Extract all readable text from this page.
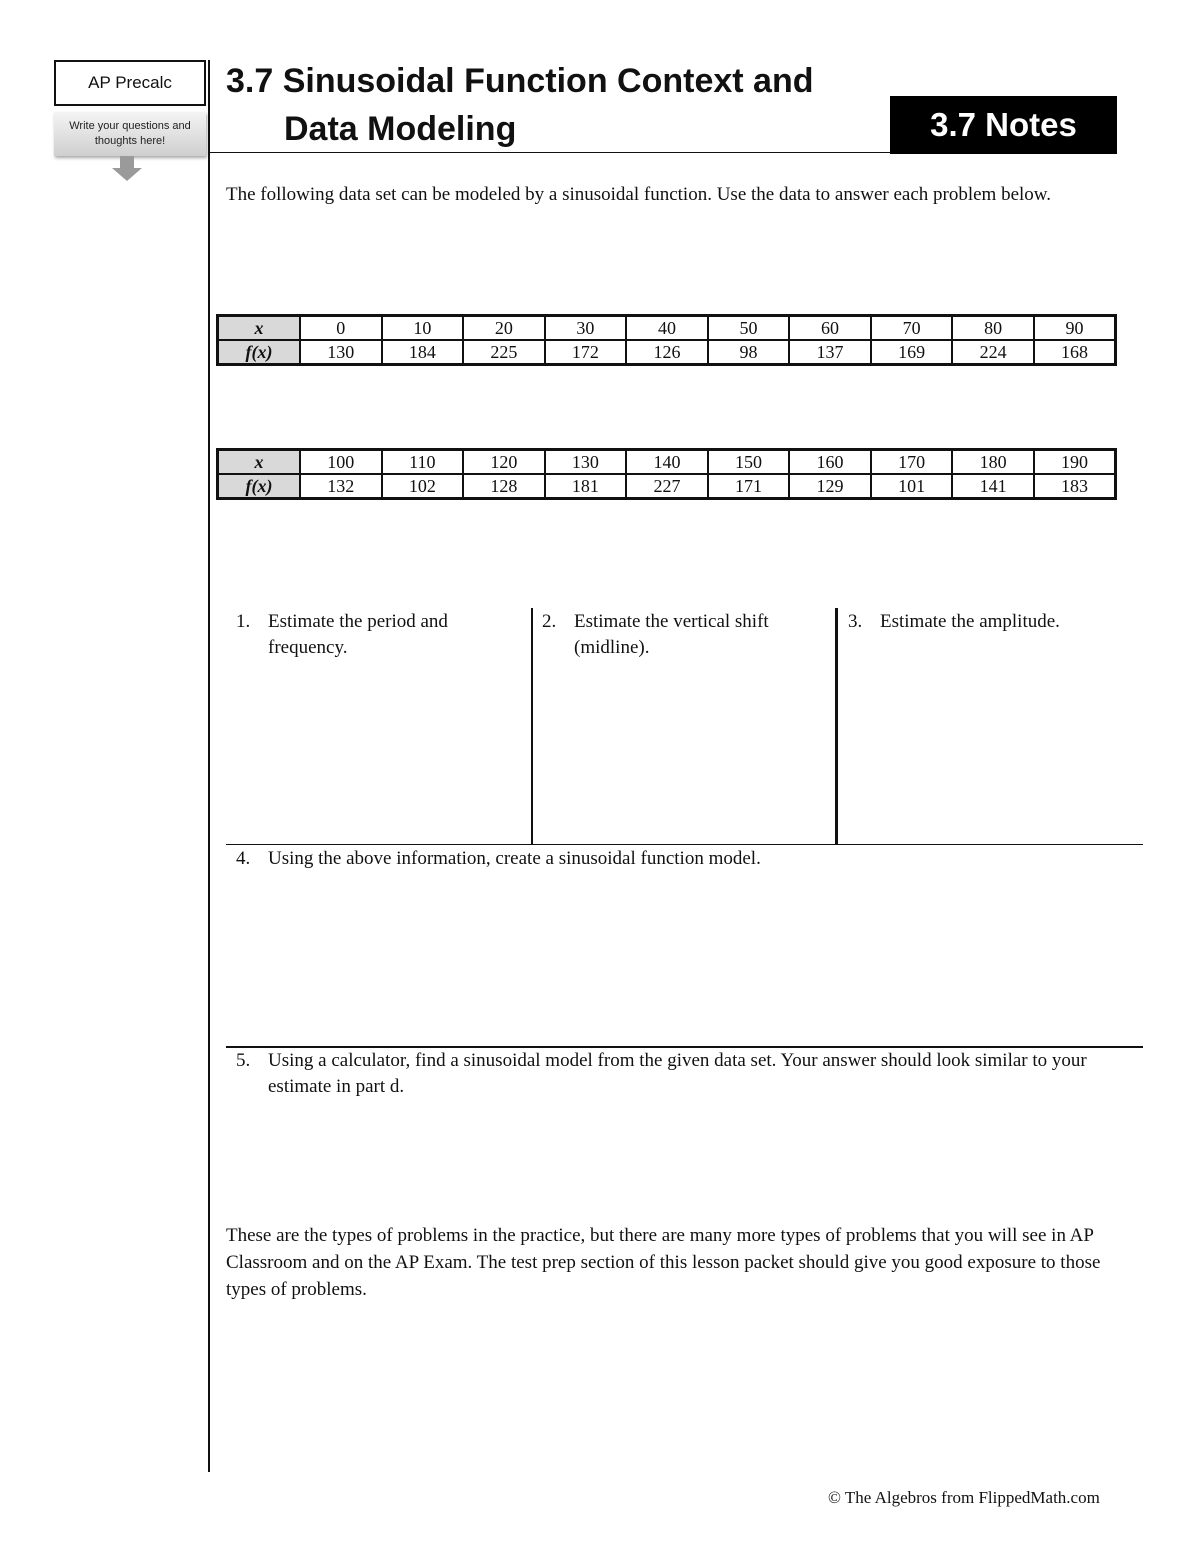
AP Precalc
Write your questions and thoughts here!
3.7 Sinusoidal Function Context and
Data Modeling	3.7 Notes
The following data set can be modeled by a sinusoidal function. Use the data to answer each problem below.
x	0	10	20	30	40	50	60	70	80	90
f(x)	130	184	225	172	126	98	137	169	224	168
x	100	110	120	130	140	150	160	170	180	190
f(x)	132	102	128	181	227	171	129	101	141	183
1. Estimate the period and frequency.
2. Estimate the vertical shift (midline).
3. Estimate the amplitude.
4. Using the above information, create a sinusoidal function model.
5. Using a calculator, find a sinusoidal model from the given data set. Your answer should look similar to your estimate in part d.
These are the types of problems in the practice, but there are many more types of problems that you will see in AP Classroom and on the AP Exam. The test prep section of this lesson packet should give you good exposure to those types of problems.
© The Algebros from FlippedMath.com
